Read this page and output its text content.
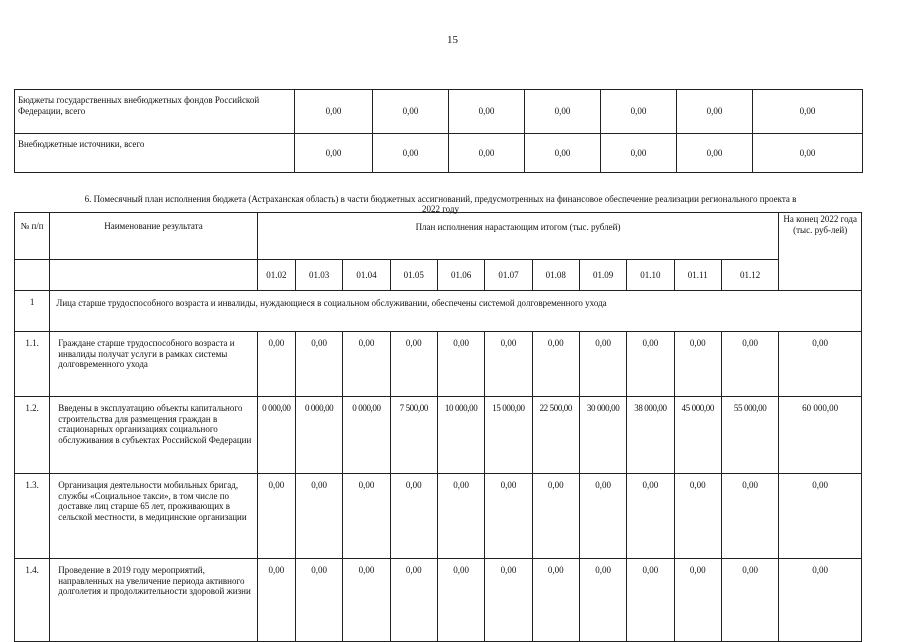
15
Бюджеты государственных внебюджетных фондов Российской Федерации, всего	0,00	0,00	0,00	0,00	0,00	0,00	0,00
Внебюджетные источники, всего	0,00	0,00	0,00	0,00	0,00	0,00	0,00
6. Помесячный план исполнения бюджета (Астраханская область) в части бюджетных ассигнований, предусмотренных на финансовое обеспечение реализации регионального проекта в
2022 году
№ п/п	Наименование результата	План исполнения нарастающим итогом (тыс. рублей)											На конец 2022 года (тыс. руб-лей)
		01.02	01.03	01.04	01.05	01.06	01.07	01.08	01.09	01.10	01.11	01.12	
1	Лица старше трудоспособного возраста и инвалиды, нуждающиеся в социальном обслуживании, обеспечены системой долговременного ухода												
1.1.	Граждане старше трудоспособного возраста и инвалиды получат услуги в рамках системы долговременного ухода	0,00	0,00	0,00	0,00	0,00	0,00	0,00	0,00	0,00	0,00	0,00	0,00
1.2.	Введены в эксплуатацию объекты капитального строительства для размещения граждан в стационарных организациях социального обслуживания в субъектах Российской Федерации	0 000,00	0 000,00	0 000,00	7 500,00	10 000,00	15 000,00	22 500,00	30 000,00	38 000,00	45 000,00	55 000,00	60 000,00
1.3.	Организация деятельности мобильных бригад, службы «Социальное такси», в том числе по доставке лиц старше 65 лет, проживающих в сельской местности, в медицинские организации	0,00	0,00	0,00	0,00	0,00	0,00	0,00	0,00	0,00	0,00	0,00	0,00
1.4.	Проведение в 2019 году мероприятий, направленных на увеличение периода активного долголетия и продолжительности здоровой жизни	0,00	0,00	0,00	0,00	0,00	0,00	0,00	0,00	0,00	0,00	0,00	0,00
